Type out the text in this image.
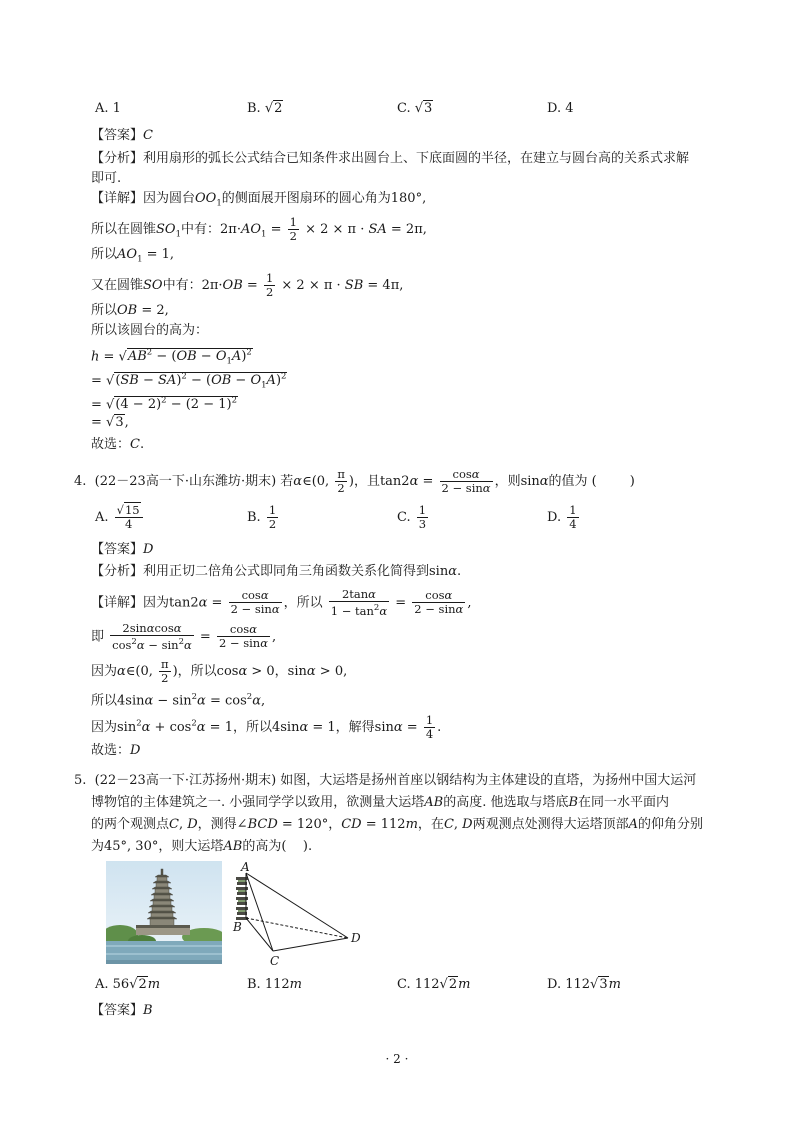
A. 1	B. √2	C. √3	D. 4
【答案】C
【分析】利用扇形的弧长公式结合已知条件求出圆台上、下底面圆的半径，在建立与圆台高的关系式求解
即可.
【详解】因为圆台$OO_1$的侧面展开图扇环的圆心角为180°,
所以在圆锥$SO_1$中有：$2\pi\cdot AO_1 = \frac{1}{2} \times 2 \times \pi$ · SA = 2π,
所以$AO_1 = 1$,
又在圆锥SO中有：$2\pi\cdot OB = \frac{1}{2} \times 2 \times \pi$ · SB = 4π,
所以OB = 2,
所以该圆台的高为：
$h = √AB^2 - (OB - O_1A)^2$
= $√(SB - SA)^2 - (OB - O_1A)^2$
= $√(4 - 2)^2 - (2 - 1)^2$
= √3,
故选：C.
4.  (22－23高一下·山东潍坊·期末) 若α∈(0, $\frac{\pi}{2}$ )，且$\tan 2\alpha = \frac{\cos\alpha}{2 - \sin\alpha}$ ，则sinα的值为 (        )
A. $\frac{√15}{4}$	B. $\frac{1}{2}$	C. $\frac{1}{3}$	D. $\frac{1}{4}$
【答案】D
【分析】利用正切二倍角公式即同角三角函数关系化简得到sinα.
【详解】因为$\tan 2\alpha = \frac{\cos\alpha}{2 - \sin\alpha}$ ，所以 $\frac{2\tan\alpha}{1 - \tan^2\alpha} = \frac{\cos\alpha}{2 - \sin\alpha}$ ,
即 $\frac{2\sin\alpha\cos\alpha}{\cos^2\alpha - \sin^2\alpha} = \frac{\cos\alpha}{2 - \sin\alpha}$ ,
因为α∈(0, $\frac{\pi}{2}$ )，所以cosα > 0，sinα > 0,
所以$4\sin\alpha - \sin^2\alpha = \cos^2\alpha$,
因为$\sin^2\alpha + \cos^2\alpha = 1$，所以4sinα = 1，解得$\sin\alpha = \frac{1}{4}$ .
故选：D
5.  (22－23高一下·江苏扬州·期末) 如图，大运塔是扬州首座以钢结构为主体建设的直塔，为扬州中国大运河
博物馆的主体建筑之一. 小强同学学以致用，欲测量大运塔AB的高度. 他选取与塔底B在同一水平面内
的两个观测点C, D，测得∠BCD = 120°，CD = 112m，在C, D两观测点处测得大运塔顶部A的仰角分别
为45°, 30°，则大运塔AB的高为(    ).
A
B
C
D
A. 56√2m	B. 112m	C. 112√2m	D. 112√3m
【答案】B
· 2 ·
